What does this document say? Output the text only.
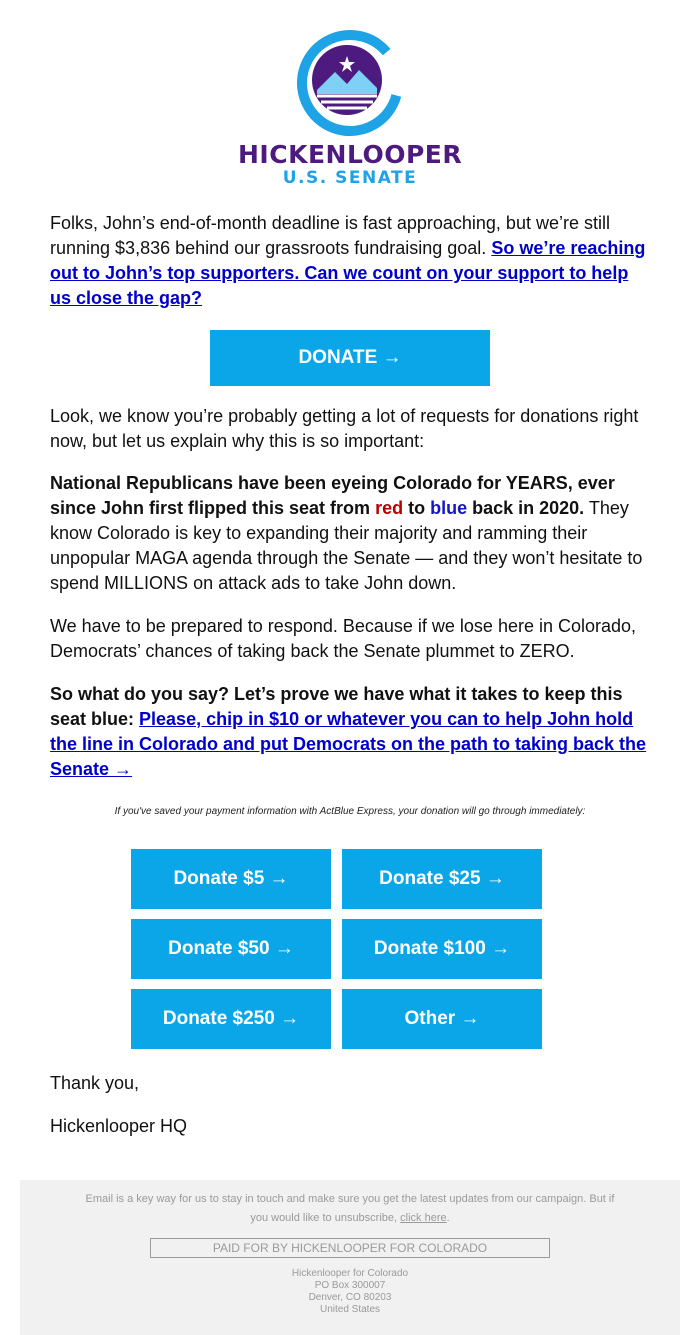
HICKENLOOPER
U.S. SENATE

Folks, John’s end-of-month deadline is fast approaching, but we’re still running $3,836 behind our grassroots fundraising goal. So we’re reaching out to John’s top supporters. Can we count on your support to help us close the gap?

DONATE →

Look, we know you’re probably getting a lot of requests for donations right now, but let us explain why this is so important:

National Republicans have been eyeing Colorado for YEARS, ever since John first flipped this seat from red to blue back in 2020. They know Colorado is key to expanding their majority and ramming their unpopular MAGA agenda through the Senate — and they won’t hesitate to spend MILLIONS on attack ads to take John down.

We have to be prepared to respond. Because if we lose here in Colorado, Democrats’ chances of taking back the Senate plummet to ZERO.

So what do you say? Let’s prove we have what it takes to keep this seat blue: Please, chip in $10 or whatever you can to help John hold the line in Colorado and put Democrats on the path to taking back the Senate →

If you've saved your payment information with ActBlue Express, your donation will go through immediately:
Donate $5 →	Donate $25 →
Donate $50 →	Donate $100 →
Donate $250 →	Other →
Thank you,
Hickenlooper HQ
Email is a key way for us to stay in touch and make sure you get the latest updates from our campaign. But if you would like to unsubscribe, click here.
PAID FOR BY HICKENLOOPER FOR COLORADO
Hickenlooper for Colorado
PO Box 300007
Denver, CO 80203
United States
